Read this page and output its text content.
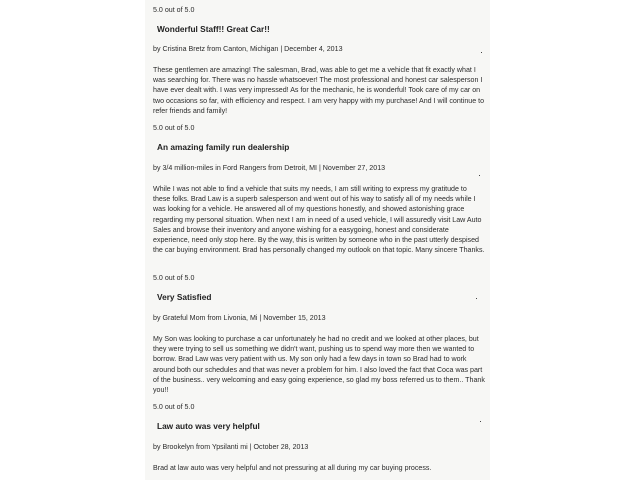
5.0 out of 5.0
Wonderful Staff!! Great Car!!
by Cristina Bretz from Canton, Michigan | December 4, 2013
These gentlemen are amazing! The salesman, Brad, was able to get me a vehicle that fit exactly what I was searching for. There was no hassle whatsoever! The most professional and honest car salesperson I have ever dealt with. I was very impressed! As for the mechanic, he is wonderful! Took care of my car on two occasions so far, with efficiency and respect. I am very happy with my purchase! And I will continue to refer friends and family!
5.0 out of 5.0
An amazing family run dealership
by 3/4 million-miles in Ford Rangers from Detroit, MI | November 27, 2013
While I was not able to find a vehicle that suits my needs, I am still writing to express my gratitude to these folks. Brad Law is a superb salesperson and went out of his way to satisfy all of my needs while I was looking for a vehicle. He answered all of my questions honestly, and showed astonishing grace regarding my personal situation. When next I am in need of a used vehicle, I will assuredly visit Law Auto Sales and browse their inventory and anyone wishing for a easygoing, honest and considerate experience, need only stop here. By the way, this is written by someone who in the past utterly despised the car buying environment. Brad has personally changed my outlook on that topic. Many sincere Thanks.
5.0 out of 5.0
Very Satisfied
by Grateful Mom from Livonia, Mi | November 15, 2013
My Son was looking to purchase a car unfortunately he had no credit and we looked at other places, but they were trying to sell us something we didn't want, pushing us to spend way more then we wanted to borrow. Brad Law was very patient with us. My son only had a few days in town so Brad had to work around both our schedules and that was never a problem for him. I also loved the fact that Coca was part of the business.. very welcoming and easy going experience, so glad my boss referred us to them.. Thank you!!
5.0 out of 5.0
Law auto was very helpful
by Brookelyn from Ypsilanti mi | October 28, 2013
Brad at law auto was very helpful and not pressuring at all during my car buying process.
